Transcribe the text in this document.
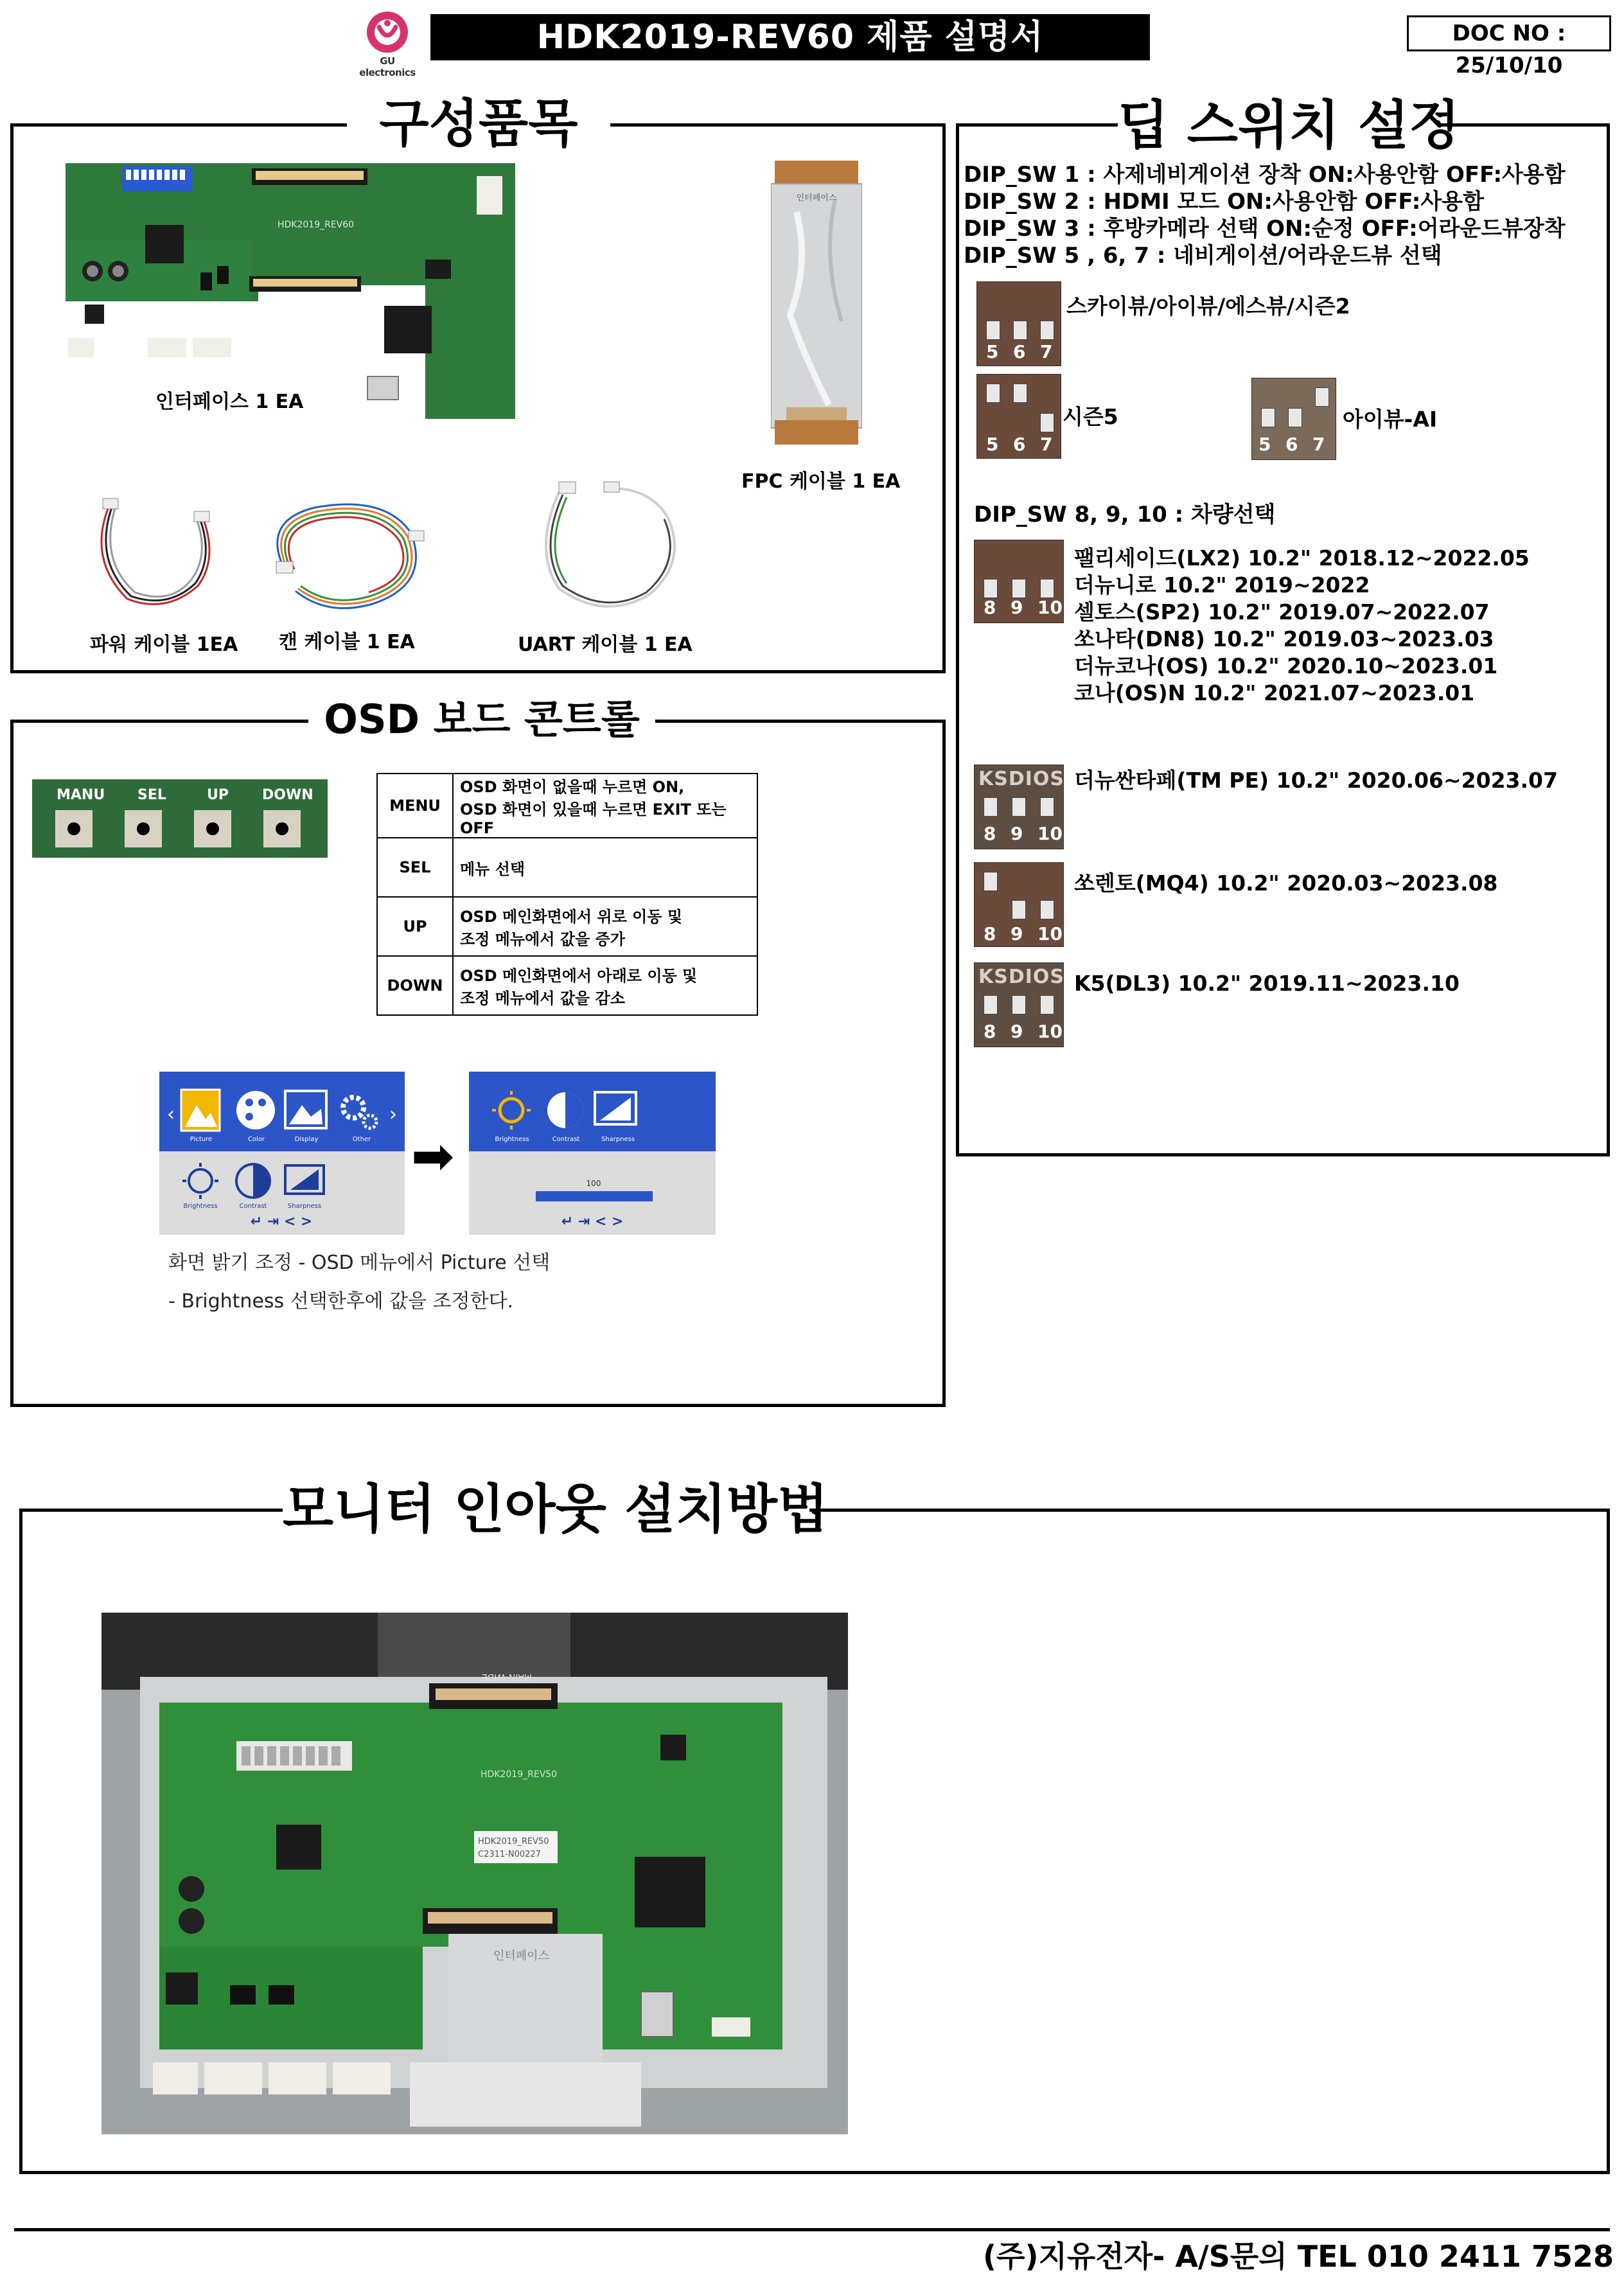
GU electronics
HDK2019-REV60 제품 설명서	DOC NO : 25/10/10
구성품목
HDK2019_REV60
인터페이스 1 EA
인터페이스
FPC 케이블 1 EA
파워 케이블 1EA 캔 케이블 1 EA	UART 케이블 1 EA
딥 스위치 설정
DIP_SW 1 : 사제네비게이션 장착 ON:사용안함 OFF:사용함
DIP_SW 2 : HDMI 모드 ON:사용안함 OFF:사용함
DIP_SW 3 : 후방카메라 선택 ON:순정 OFF:어라운드뷰장착
DIP_SW 5 , 6, 7 : 네비게이션/어라운드뷰 선택
5 6 7
스카이뷰/아이뷰/에스뷰/시즌2
5 6 7
시즌5
5 6 7
아이뷰-AI
DIP_SW 8, 9, 10 : 차량선택
8 9 10
팰리세이드(LX2) 10.2" 2018.12~2022.05
더뉴니로 10.2" 2019~2022
셀토스(SP2) 10.2" 2019.07~2022.07
쏘나타(DN8) 10.2" 2019.03~2023.03
더뉴코나(OS) 10.2" 2020.10~2023.01
코나(OS)N 10.2" 2021.07~2023.01
KSDIOS
8 9 10
더뉴싼타페(TM PE) 10.2" 2020.06~2023.07
8 9 10
쏘렌토(MQ4) 10.2" 2020.03~2023.08
KSDIOS
8 9 10
K5(DL3) 10.2" 2019.11~2023.10
OSD 보드 콘트롤
MANU SEL	UP DOWN
MENU	OSD 화면이 없을때 누르면 ON,
OSD 화면이 있을때 누르면 EXIT 또는 OFF

SEL	메뉴 선택

UP	OSD 메인화면에서 위로 이동 및
조정 메뉴에서 값을 증가

DOWN	OSD 메인화면에서 아래로 이동 및
조정 메뉴에서 값을 감소
‹	›
↵ ⇥ < >
Picture	Color	Display	Other
Brightness	Contrast	Sharpness
➡	100
↵ ⇥ < >
Brightness	Contrast	Sharpness
화면 밝기 조정 - OSD 메뉴에서 Picture 선택
- Brightness 선택한후에 값을 조정한다.
모니터 인아웃 설치방법
HDK2019_REV50
HDK2019_REV50
C2311-N00227
인터페이스
MAIN-WIDE
(주)지유전자- A/S문의 TEL 010 2411 7528
